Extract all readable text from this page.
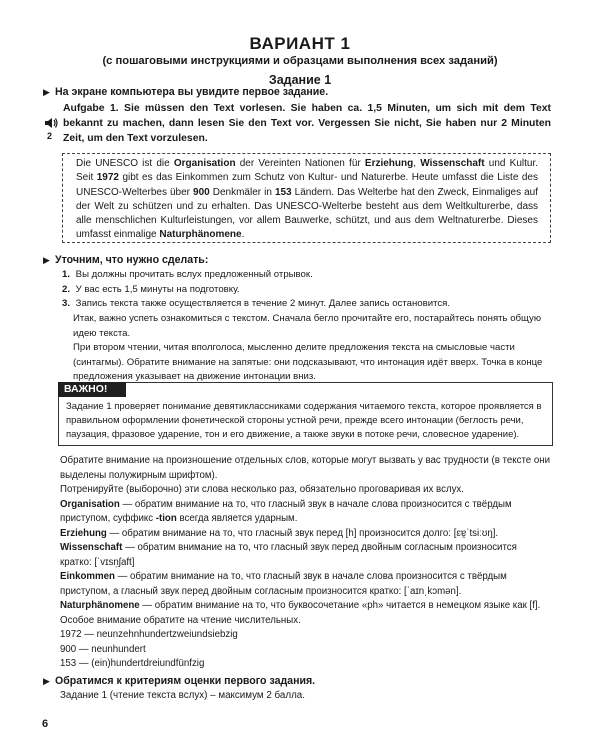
ВАРИАНТ 1
(с пошаговыми инструкциями и образцами выполнения всех заданий)
Задание 1
▶ На экране компьютера вы увидите первое задание.
2
Aufgabe 1. Sie müssen den Text vorlesen. Sie haben ca. 1,5 Minuten, um sich mit dem Text bekannt zu machen, dann lesen Sie den Text vor. Vergessen Sie nicht, Sie haben nur 2 Minuten Zeit, um den Text vorzulesen.
Die UNESCO ist die Organisation der Vereinten Nationen für Erziehung, Wissenschaft und Kultur. Seit 1972 gibt es das Einkommen zum Schutz von Kultur- und Naturerbe. Heute umfasst die Liste des UNESCO-Welterbes über 900 Denkmäler in 153 Ländern. Das Welterbe hat den Zweck, Einmaliges auf der Welt zu schützen und zu erhalten. Das UNESCO-Welterbe besteht aus dem Weltkulturerbe, dass alle menschlichen Kulturleistungen, vor allem Bauwerke, schützt, und aus dem Weltnaturerbe. Dieses umfasst einmalige Naturphänomene.
▶ Уточним, что нужно сделать:
1. Вы должны прочитать вслух предложенный отрывок.
2. У вас есть 1,5 минуты на подготовку.
3. Запись текста также осуществляется в течение 2 минут. Далее запись остановится.
Итак, важно успеть ознакомиться с текстом. Сначала бегло прочитайте его, постарайтесь понять общую идею текста.
При втором чтении, читая вполголоса, мысленно делите предложения текста на смысловые части (синтагмы). Обратите внимание на запятые: они подсказывают, что интонация идёт вверх. Точка в конце предложения указывает на движение интонации вниз.
ВАЖНО!
Задание 1 проверяет понимание девятиклассниками содержания читаемого текста, которое проявляется в правильном оформлении фонетической стороны устной речи, прежде всего интонации (беглость речи, паузация, фразовое ударение, тон и его движение, а также звуки в потоке речи, словесное ударение).

Обратите внимание на произношение отдельных слов, которые могут вызвать у вас трудности (в тексте они выделены полужирным шрифтом).

Потренируйте (выборочно) эти слова несколько раз, обязательно проговаривая их вслух.

Organisation — обратим внимание на то, что гласный звук в начале слова произносится с твёрдым приступом, суффикс -tion всегда является ударным.

Erziehung — обратим внимание на то, что гласный звук перед [h] произносится долго: [ɛɐ̯ˈtsiːʊŋ].

Wissenschaft — обратим внимание на то, что гласный звук перед двойным согласным произносится кратко: [ˈvɪsn̩ʃaft]

Einkommen — обратим внимание на то, что гласный звук в начале слова произносится с твёрдым приступом, а гласный звук перед двойным согласным произносится кратко: [ˈaɪnˌkɔmən].

Naturphänomene — обратим внимание на то, что буквосочетание «ph» читается в немецком языке как [f].

Особое внимание обратите на чтение числительных.

1972 — neunzehnhundertzweiundsiebzig

900 — neunhundert

153 — (ein)hundertdreiundfünfzig

▶ Обратимся к критериям оценки первого задания.
Задание 1 (чтение текста вслух) – максимум 2 балла.
6
